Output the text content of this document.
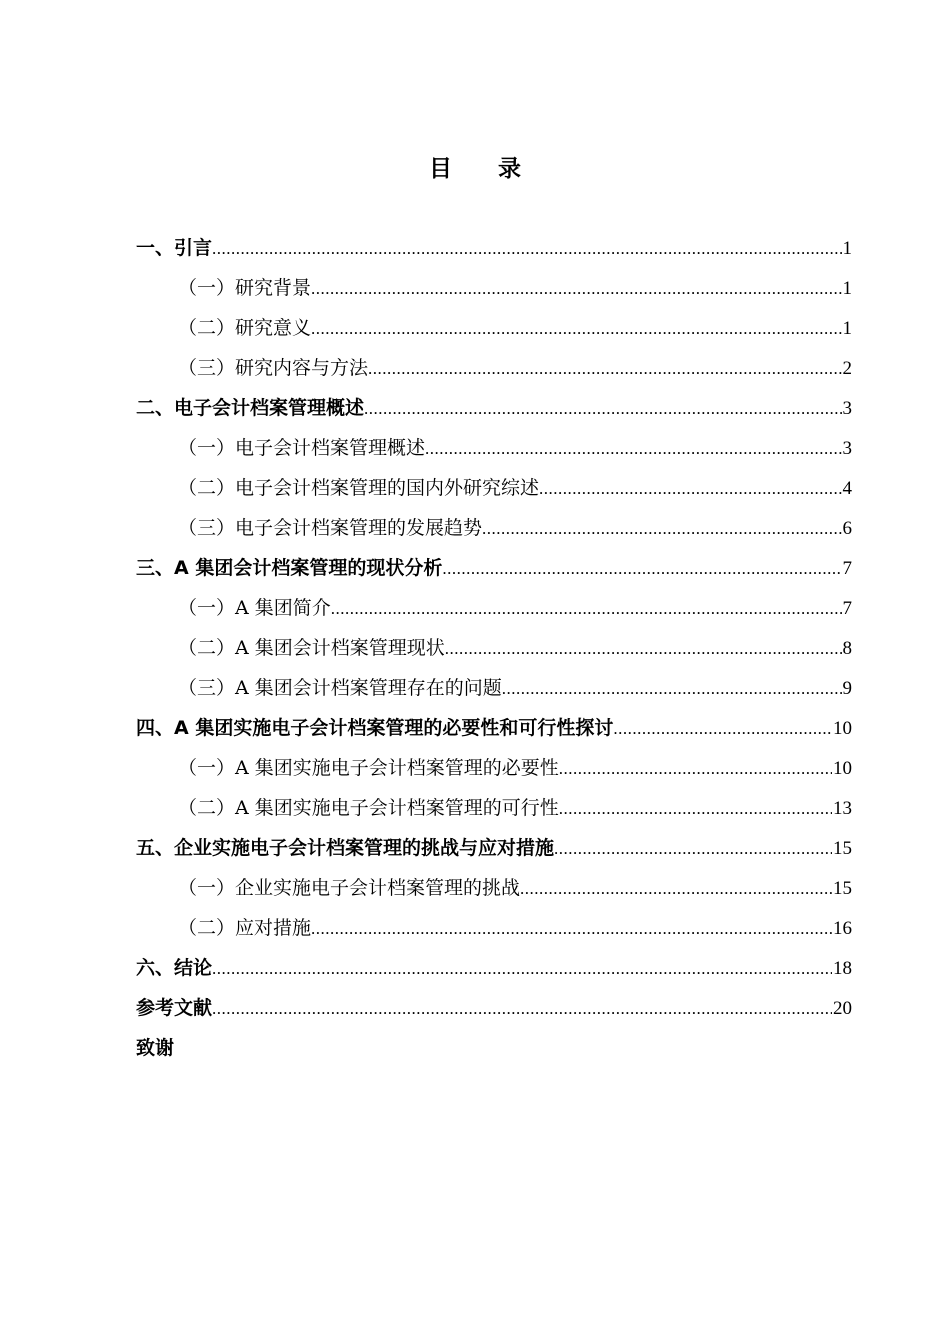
目 录
一、引言 .....	1
（一）研究背景 .....	1
（二）研究意义 .....	1
（三）研究内容与方法 .....	2
二、电子会计档案管理概述 .....	3
（一）电子会计档案管理概述 .....	3
（二）电子会计档案管理的国内外研究综述 .....	4
（三）电子会计档案管理的发展趋势 .....	6
三、A 集团会计档案管理的现状分析 .....	7
（一）A 集团简介 .....	7
（二）A 集团会计档案管理现状 .....	8
（三）A 集团会计档案管理存在的问题 .....	9
四、A 集团实施电子会计档案管理的必要性和可行性探讨 .....	10
（一）A 集团实施电子会计档案管理的必要性 .....	10
（二）A 集团实施电子会计档案管理的可行性 .....	13
五、企业实施电子会计档案管理的挑战与应对措施 .....	15
（一）企业实施电子会计档案管理的挑战 .....	15
（二）应对措施 .....	16
六、结论 .....	18
参考文献 .....	20
致谢
